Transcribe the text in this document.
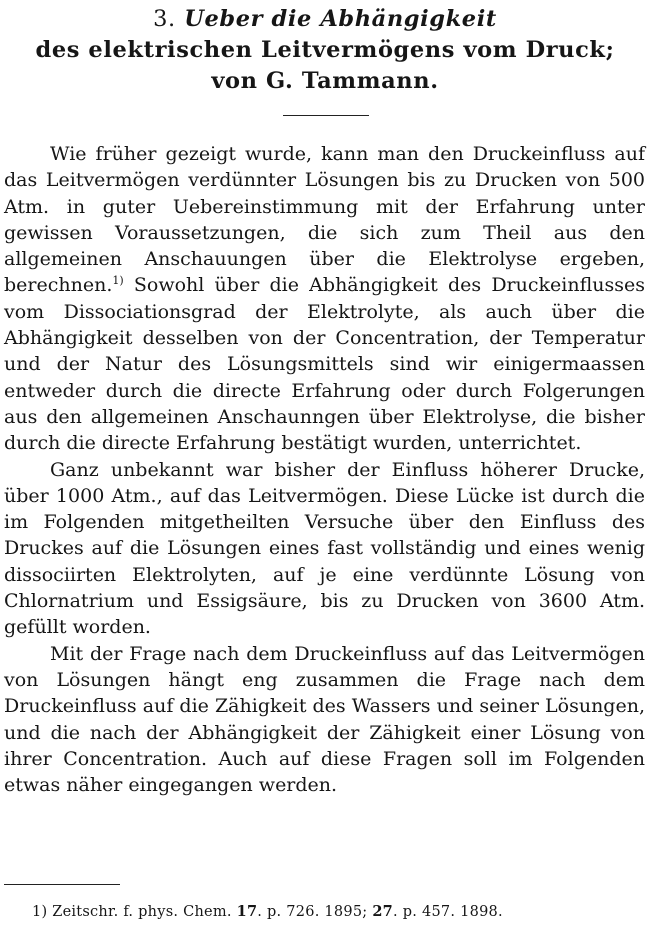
3. Ueber die Abhängigkeit
des elektrischen Leitvermögens vom Druck;
von G. Tammann.

Wie früher gezeigt wurde, kann man den Druckeinfluss auf das Leitvermögen verdünnter Lösungen bis zu Drucken von 500 Atm. in guter Uebereinstimmung mit der Erfahrung unter gewissen Voraussetzungen, die sich zum Theil aus den allgemeinen Anschauungen über die Elektrolyse ergeben, berechnen.$^{1)}$ Sowohl über die Abhängigkeit des Druckeinflusses vom Dissociationsgrad der Elektrolyte, als auch über die Abhängigkeit desselben von der Concentration, der Temperatur und der Natur des Lösungsmittels sind wir einigermaassen entweder durch die directe Erfahrung oder durch Folgerungen aus den allgemeinen Anschaunngen über Elektrolyse, die bisher durch die directe Erfahrung bestätigt wurden, unterrichtet.

Ganz unbekannt war bisher der Einfluss höherer Drucke, über 1000 Atm., auf das Leitvermögen. Diese Lücke ist durch die im Folgenden mitgetheilten Versuche über den Einfluss des Druckes auf die Lösungen eines fast vollständig und eines wenig dissociirten Elektrolyten, auf je eine verdünnte Lösung von Chlornatrium und Essigsäure, bis zu Drucken von 3600 Atm. gefüllt worden.

Mit der Frage nach dem Druckeinfluss auf das Leitvermögen von Lösungen hängt eng zusammen die Frage nach dem Druckeinfluss auf die Zähigkeit des Wassers und seiner Lösungen, und die nach der Abhängigkeit der Zähigkeit einer Lösung von ihrer Concentration. Auch auf diese Fragen soll im Folgenden etwas näher eingegangen werden.

1) Zeitschr. f. phys. Chem. 17. p. 726. 1895; 27. p. 457. 1898.
